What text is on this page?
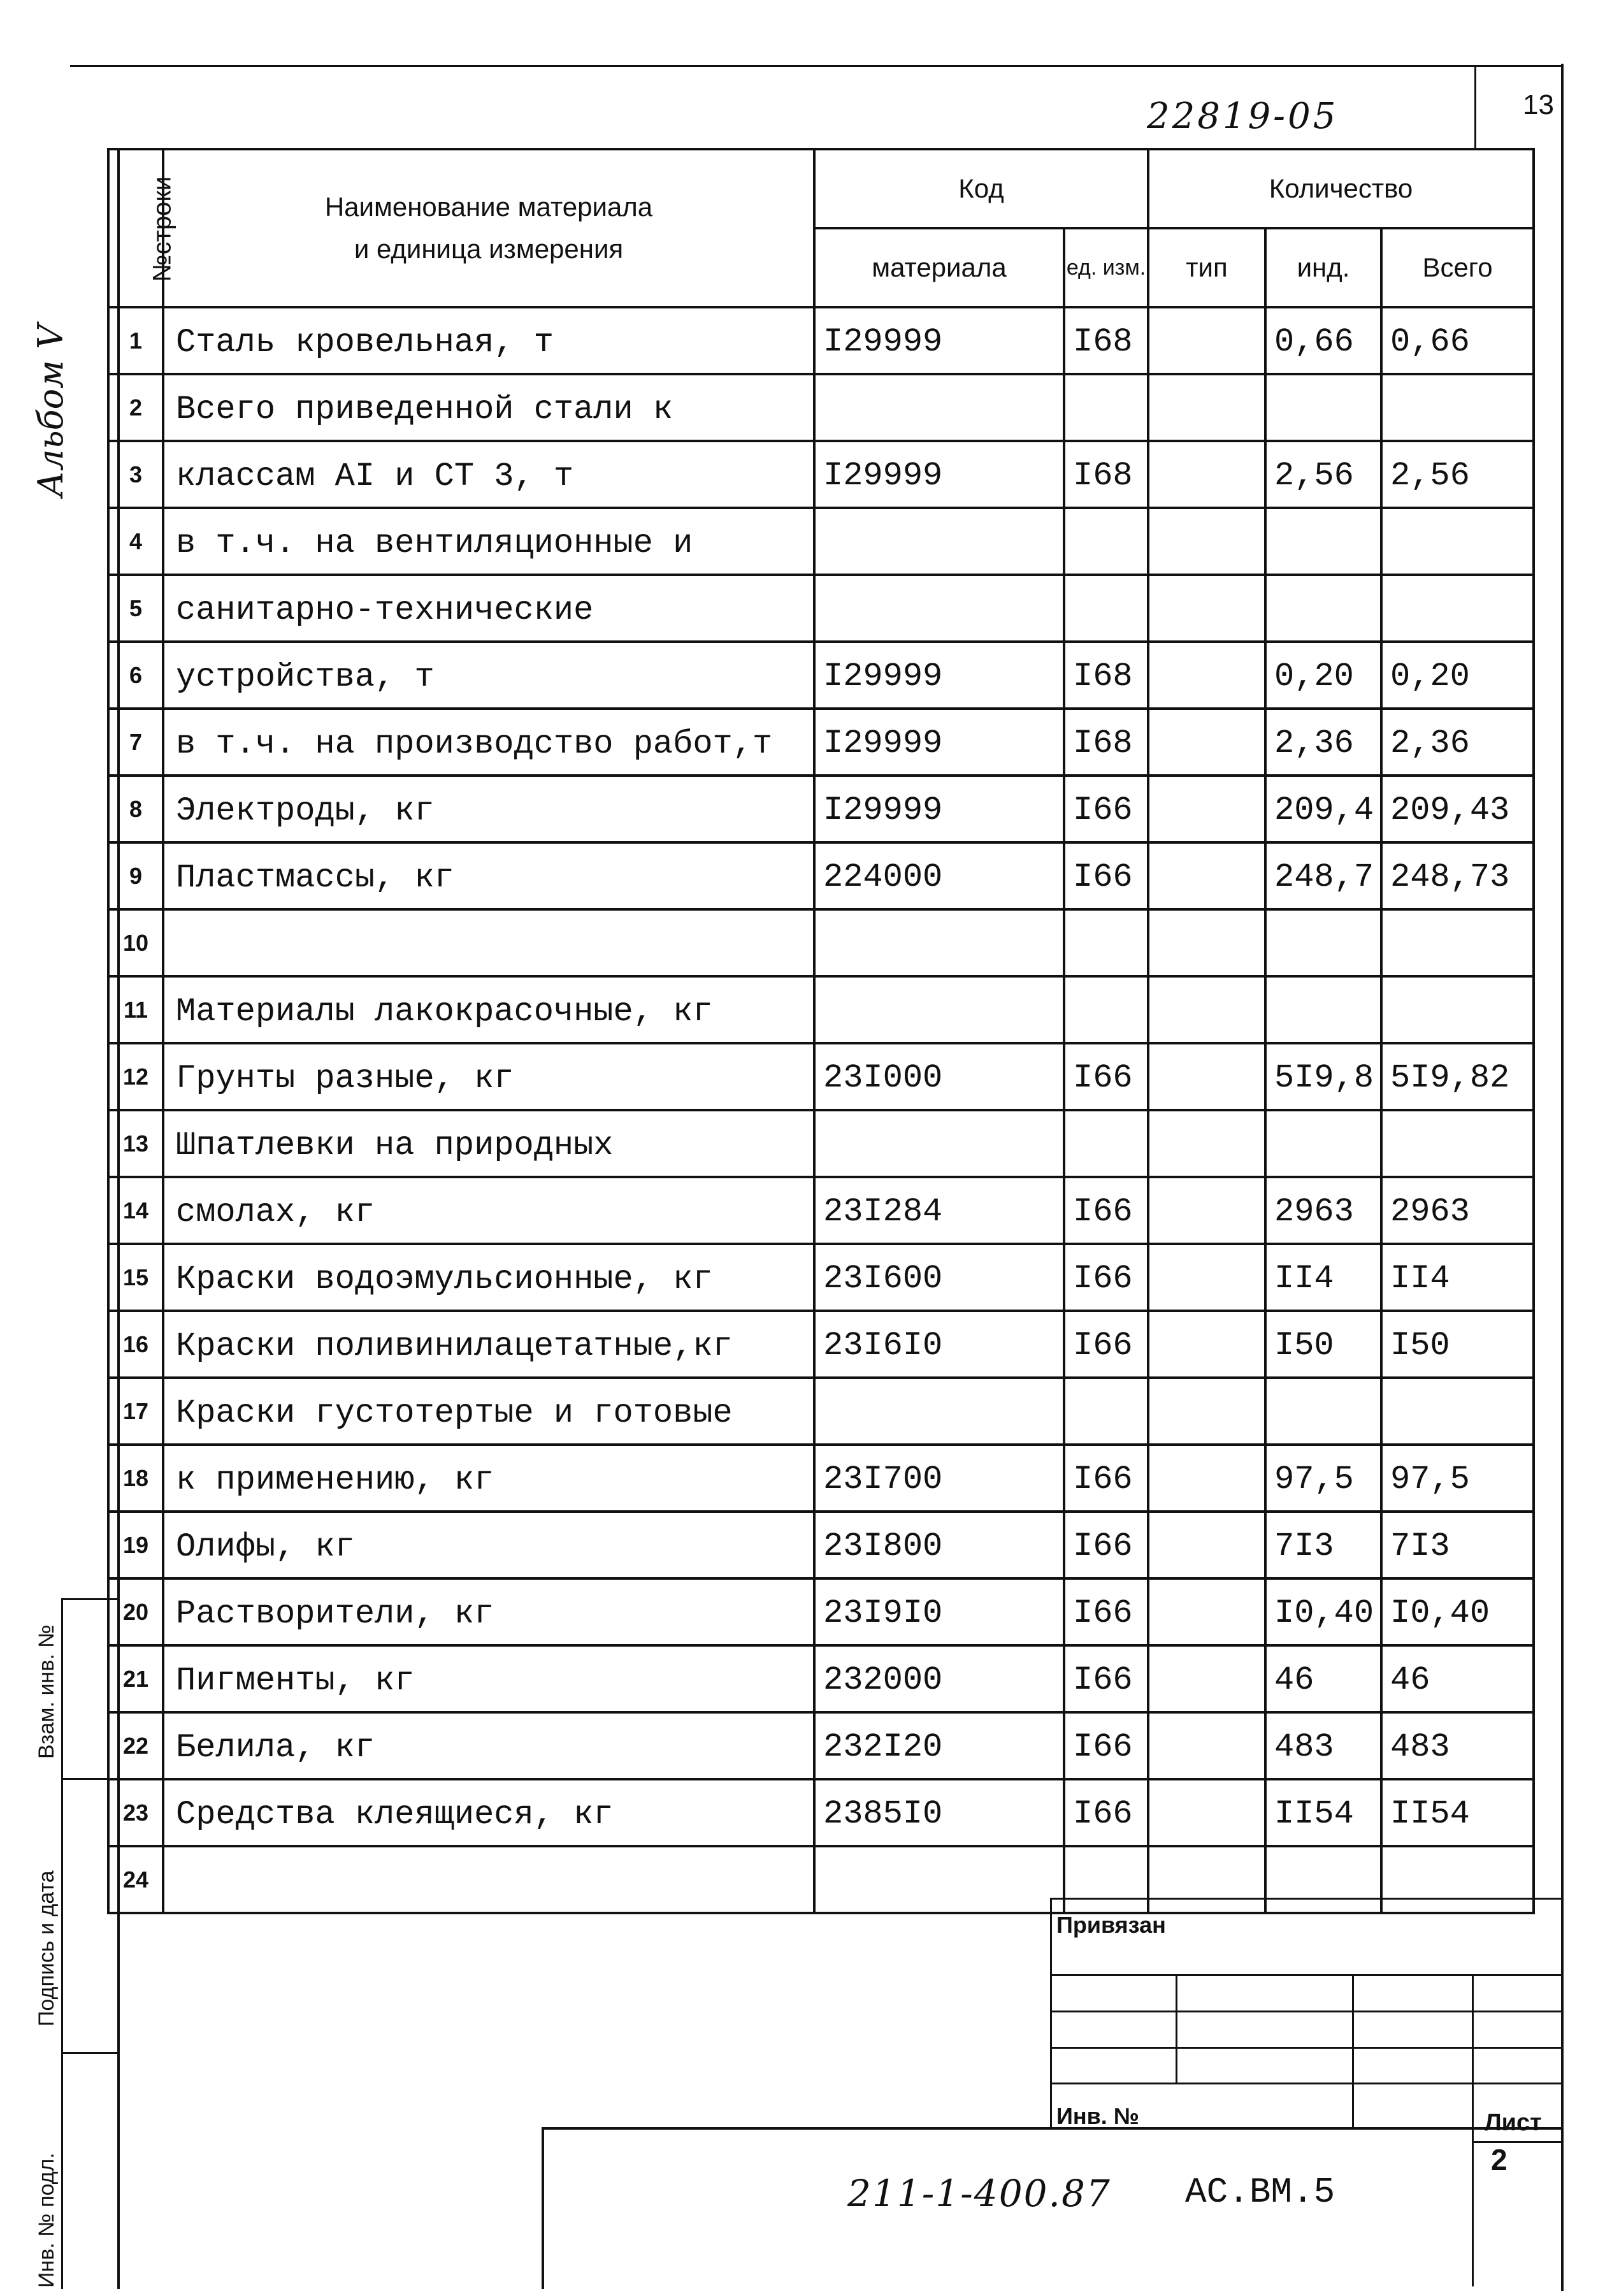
22819-05	13
Альбом V
№строки	Наименование материала
и единица измерения	Код		Количество		
		материала	ед. изм.	тип	инд.	Всего
1	Сталь кровельная, т	I29999	I68		0,66	0,66
2	Всего приведенной стали к					
3	классам AI и СТ 3, т	I29999	I68		2,56	2,56
4	в т.ч. на вентиляционные и					
5	санитарно-технические					
6	устройства, т	I29999	I68		0,20	0,20
7	в т.ч. на производство работ,т	I29999	I68		2,36	2,36
8	Электроды, кг	I29999	I66		209,4	209,43
9	Пластмассы, кг	224000	I66		248,7	248,73
10						
11	Материалы лакокрасочные, кг					
12	Грунты разные, кг	23I000	I66		5I9,8	5I9,82
13	Шпатлевки на природных					
14	смолах, кг	23I284	I66		2963	2963
15	Краски водоэмульсионные, кг	23I600	I66		II4	II4
16	Краски поливинилацетатные,кг	23I6I0	I66		I50	I50
17	Краски густотертые и готовые					
18	к применению, кг	23I700	I66		97,5	97,5
19	Олифы, кг	23I800	I66		7I3	7I3
20	Растворители, кг	23I9I0	I66		I0,40	I0,40
21	Пигменты, кг	232000	I66		46	46
22	Белила, кг	232I20	I66		483	483
23	Средства клеящиеся, кг	2385I0	I66		II54	II54
24						
Взам. инв. №
Подпись и дата
Инв. № подл.
Привязан
Инв. №	Лист
2
211-1-400.87 АС.ВМ.5
